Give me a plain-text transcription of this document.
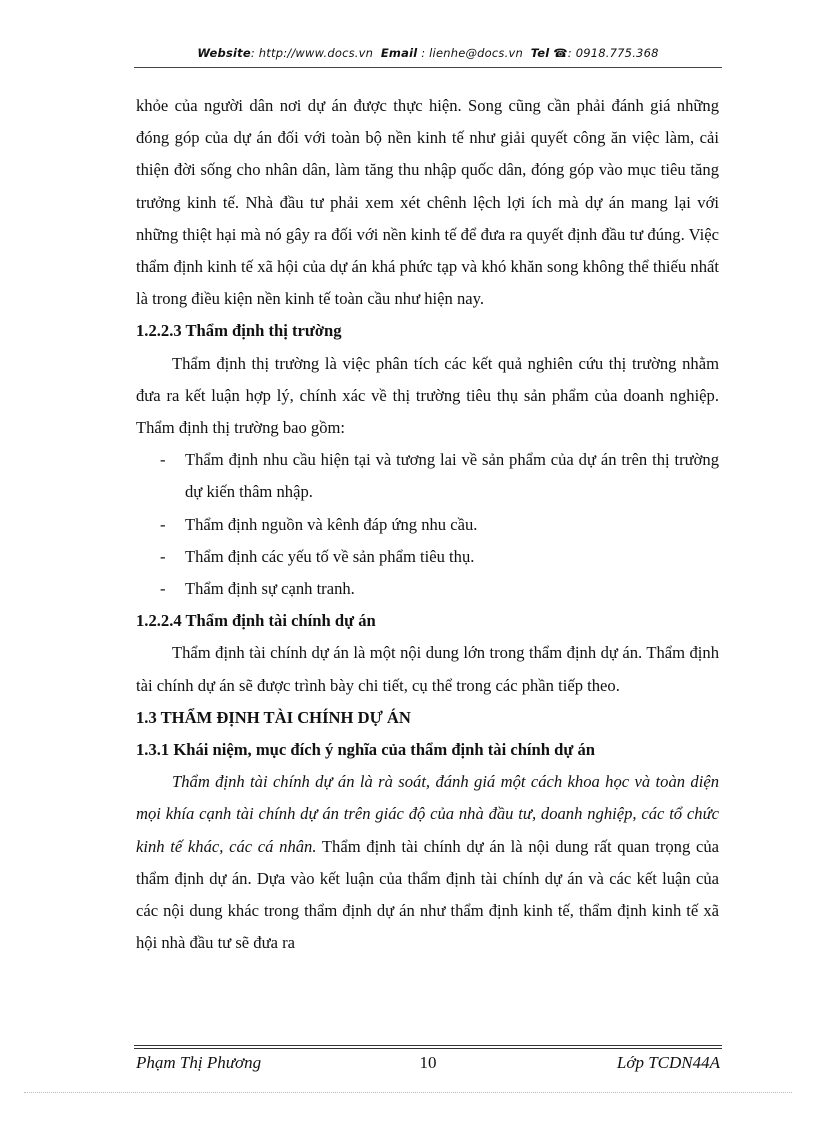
Website: http://www.docs.vn Email : lienhe@docs.vn Tel ☎: 0918.775.368

khỏe của người dân nơi dự án được thực hiện. Song cũng cần phải đánh giá những đóng góp của dự án đối với toàn bộ nền kinh tế như giải quyết công ăn việc làm, cải thiện đời sống cho nhân dân, làm tăng thu nhập quốc dân, đóng góp vào mục tiêu tăng trưởng kinh tế. Nhà đầu tư phải xem xét chênh lệch lợi ích mà dự án mang lại với những thiệt hại mà nó gây ra đối với nền kinh tế để đưa ra quyết định đầu tư đúng. Việc thẩm định kinh tế xã hội của dự án khá phức tạp và khó khăn song không thể thiếu nhất là trong điều kiện nền kinh tế toàn cầu như hiện nay.

1.2.2.3 Thẩm định thị trường

Thẩm định thị trường là việc phân tích các kết quả nghiên cứu thị trường nhằm đưa ra kết luận hợp lý, chính xác về thị trường tiêu thụ sản phẩm của doanh nghiệp. Thẩm định thị trường bao gồm:

- Thẩm định nhu cầu hiện tại và tương lai về sản phẩm của dự án trên thị trường dự kiến thâm nhập.

- Thẩm định nguồn và kênh đáp ứng nhu cầu.

- Thẩm định các yếu tố về sản phẩm tiêu thụ.

- Thẩm định sự cạnh tranh.

1.2.2.4 Thẩm định tài chính dự án

Thẩm định tài chính dự án là một nội dung lớn trong thẩm định dự án. Thẩm định tài chính dự án sẽ được trình bày chi tiết, cụ thể trong các phần tiếp theo.

1.3 THẨM ĐỊNH TÀI CHÍNH DỰ ÁN

1.3.1 Khái niệm, mục đích ý nghĩa của thẩm định tài chính dự án

Thẩm định tài chính dự án là rà soát, đánh giá một cách khoa học và toàn diện mọi khía cạnh tài chính dự án trên giác độ của nhà đầu tư, doanh nghiệp, các tổ chức kinh tế khác, các cá nhân. Thẩm định tài chính dự án là nội dung rất quan trọng của thẩm định dự án. Dựa vào kết luận của thẩm định tài chính dự án và các kết luận của các nội dung khác trong thẩm định dự án như thẩm định kinh tế, thẩm định kinh tế xã hội nhà đầu tư sẽ đưa ra

Phạm Thị Phương	10	Lớp TCDN44A
